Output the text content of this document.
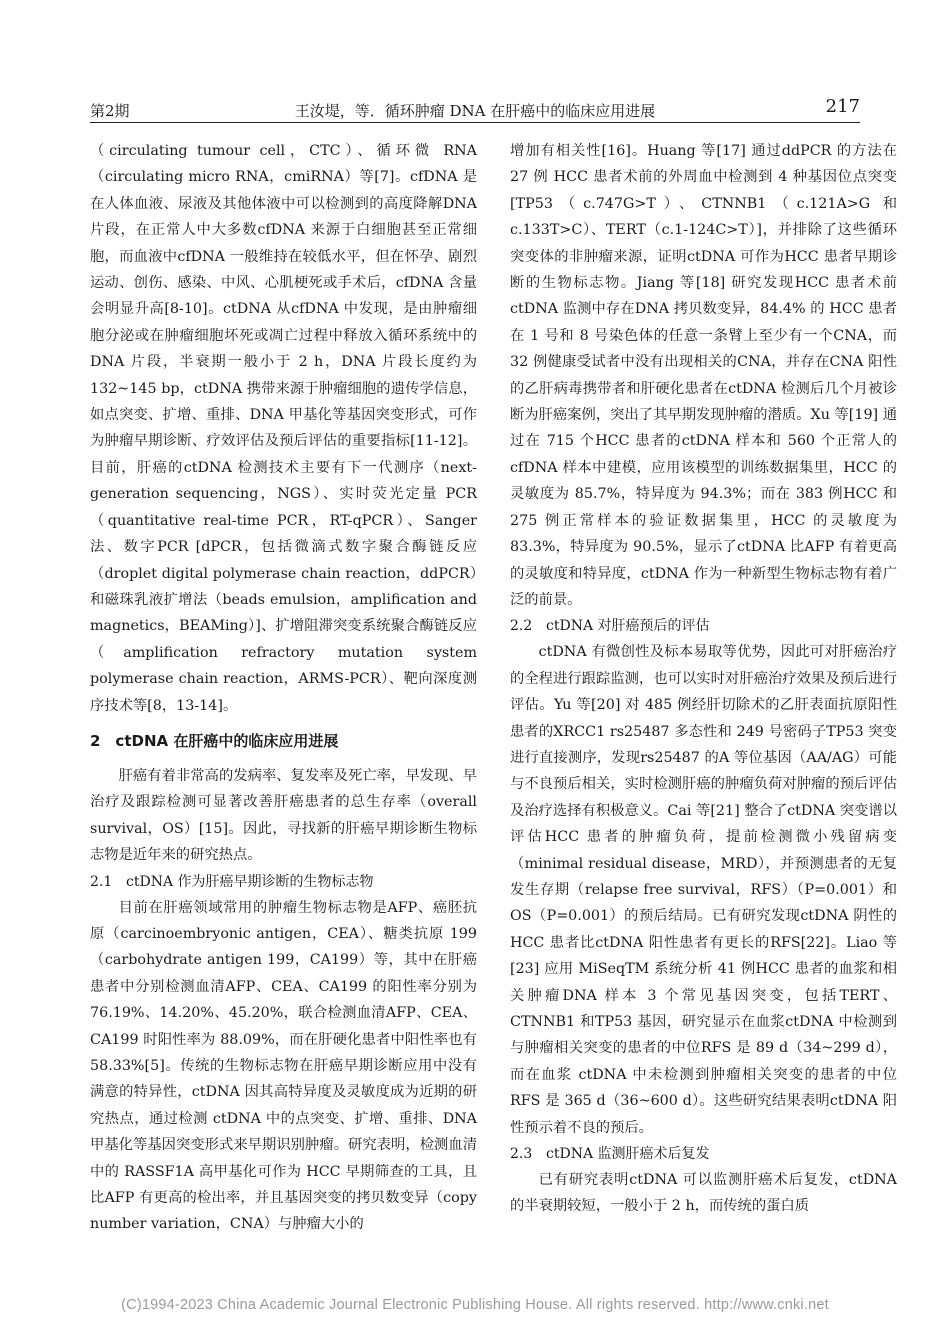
第2期	王汝堤，等．循环肿瘤 DNA 在肝癌中的临床应用进展	217

（circulating tumour cell，CTC）、循环微 RNA（circulating micro RNA，cmiRNA）等[7]。cfDNA 是在人体血液、尿液及其他体液中可以检测到的高度降解DNA 片段，在正常人中大多数cfDNA 来源于白细胞甚至正常细胞，而血液中cfDNA 一般维持在较低水平，但在怀孕、剧烈运动、创伤、感染、中风、心肌梗死或手术后，cfDNA 含量会明显升高[8-10]。ctDNA 从cfDNA 中发现，是由肿瘤细胞分泌或在肿瘤细胞坏死或凋亡过程中释放入循环系统中的DNA 片段，半衰期一般小于 2 h，DNA 片段长度约为 132~145 bp，ctDNA 携带来源于肿瘤细胞的遗传学信息，如点突变、扩增、重排、DNA 甲基化等基因突变形式，可作为肿瘤早期诊断、疗效评估及预后评估的重要指标[11-12]。目前，肝癌的ctDNA 检测技术主要有下一代测序（next-generation sequencing，NGS）、实时荧光定量 PCR（quantitative real-time PCR，RT-qPCR）、Sanger 法、数字PCR [dPCR，包括微滴式数字聚合酶链反应（droplet digital polymerase chain reaction，ddPCR）和磁珠乳液扩增法（beads emulsion，amplification and magnetics，BEAMing）]、扩增阻滞突变系统聚合酶链反应（amplification refractory mutation system polymerase chain reaction，ARMS-PCR）、靶向深度测序技术等[8，13-14]。

2　ctDNA 在肝癌中的临床应用进展

肝癌有着非常高的发病率、复发率及死亡率，早发现、早治疗及跟踪检测可显著改善肝癌患者的总生存率（overall survival，OS）[15]。因此，寻找新的肝癌早期诊断生物标志物是近年来的研究热点。

2.1 ctDNA 作为肝癌早期诊断的生物标志物

目前在肝癌领域常用的肿瘤生物标志物是AFP、癌胚抗原（carcinoembryonic antigen，CEA）、糖类抗原 199（carbohydrate antigen 199，CA199）等，其中在肝癌患者中分别检测血清AFP、CEA、CA199 的阳性率分别为 76.19%、14.20%、45.20%，联合检测血清AFP、CEA、CA199 时阳性率为 88.09%，而在肝硬化患者中阳性率也有 58.33%[5]。传统的生物标志物在肝癌早期诊断应用中没有满意的特异性，ctDNA 因其高特异度及灵敏度成为近期的研究热点，通过检测 ctDNA 中的点突变、扩增、重排、DNA 甲基化等基因突变形式来早期识别肿瘤。研究表明，检测血清中的 RASSF1A 高甲基化可作为 HCC 早期筛查的工具，且比AFP 有更高的检出率，并且基因突变的拷贝数变异（copy number variation，CNA）与肿瘤大小的

增加有相关性[16]。Huang 等[17] 通过ddPCR 的方法在 27 例 HCC 患者术前的外周血中检测到 4 种基因位点突变 [TP53（c.747G>T）、CTNNB1（c.121A>G 和 c.133T>C）、TERT（c.1-124C>T）]，并排除了这些循环突变体的非肿瘤来源，证明ctDNA 可作为HCC 患者早期诊断的生物标志物。Jiang 等[18] 研究发现HCC 患者术前ctDNA 监测中存在DNA 拷贝数变异，84.4% 的 HCC 患者在 1 号和 8 号染色体的任意一条臂上至少有一个CNA，而 32 例健康受试者中没有出现相关的CNA，并存在CNA 阳性的乙肝病毒携带者和肝硬化患者在ctDNA 检测后几个月被诊断为肝癌案例，突出了其早期发现肿瘤的潜质。Xu 等[19] 通过在 715 个HCC 患者的ctDNA 样本和 560 个正常人的cfDNA 样本中建模，应用该模型的训练数据集里，HCC 的灵敏度为 85.7%，特异度为 94.3%；而在 383 例HCC 和 275 例正常样本的验证数据集里，HCC 的灵敏度为 83.3%，特异度为 90.5%，显示了ctDNA 比AFP 有着更高的灵敏度和特异度，ctDNA 作为一种新型生物标志物有着广泛的前景。

2.2 ctDNA 对肝癌预后的评估

ctDNA 有微创性及标本易取等优势，因此可对肝癌治疗的全程进行跟踪监测，也可以实时对肝癌治疗效果及预后进行评估。Yu 等[20] 对 485 例经肝切除术的乙肝表面抗原阳性患者的XRCC1 rs25487 多态性和 249 号密码子TP53 突变进行直接测序，发现rs25487 的A 等位基因（AA/AG）可能与不良预后相关，实时检测肝癌的肿瘤负荷对肿瘤的预后评估及治疗选择有积极意义。Cai 等[21] 整合了ctDNA 突变谱以评估HCC 患者的肿瘤负荷，提前检测微小残留病变（minimal residual disease，MRD），并预测患者的无复发生存期（relapse free survival，RFS）（P=0.001）和OS（P=0.001）的预后结局。已有研究发现ctDNA 阴性的HCC 患者比ctDNA 阳性患者有更长的RFS[22]。Liao 等[23] 应用 MiSeqTM 系统分析 41 例HCC 患者的血浆和相关肿瘤DNA 样本 3 个常见基因突变，包括TERT、CTNNB1 和TP53 基因，研究显示在血浆ctDNA 中检测到与肿瘤相关突变的患者的中位RFS 是 89 d（34~299 d），而在血浆 ctDNA 中未检测到肿瘤相关突变的患者的中位 RFS 是 365 d（36~600 d）。这些研究结果表明ctDNA 阳性预示着不良的预后。

2.3 ctDNA 监测肝癌术后复发

已有研究表明ctDNA 可以监测肝癌术后复发，ctDNA 的半衰期较短，一般小于 2 h，而传统的蛋白质

(C)1994-2023 China Academic Journal Electronic Publishing House. All rights reserved. http://www.cnki.net
